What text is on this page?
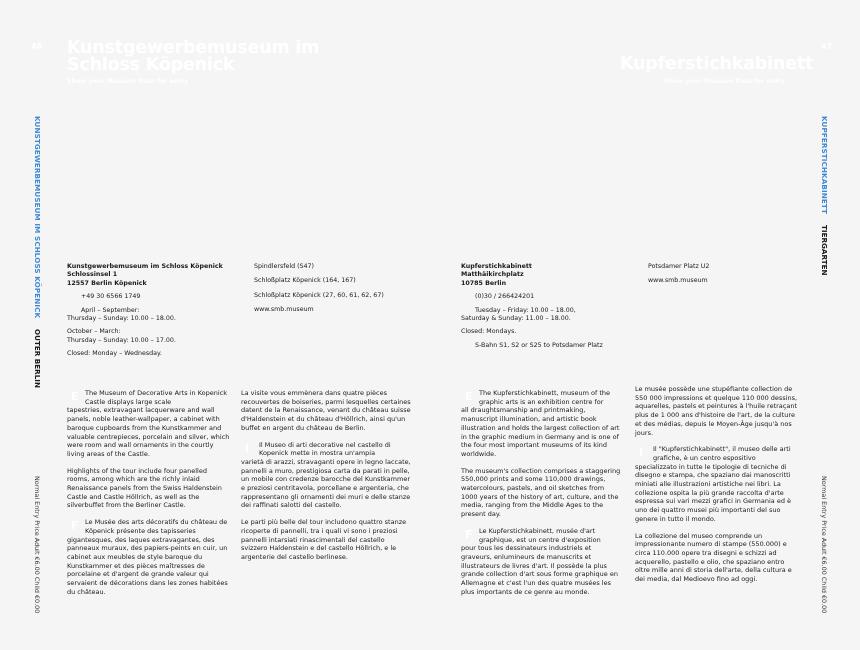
46 Kunstgewerbemuseum im
Schloss Köpenick
Show your Museum Pass for entry
KUNSTGEWERBEMUSEUM IM SCHLOSS KÖPENICK OUTER BERLIN
Normal Entry Price Adult €6.00 Child €0.00

Kunstgewerbemuseum im Schloss Köpenick
Schlossinsel 1
12557 Berlin Köpenick

+49 30 6566 1749

April – September:
Thursday – Sunday: 10.00 – 18.00.

October – March:
Thursday – Sunday: 10.00 – 17.00.

Closed: Monday – Wednesday.

Spindlersfeld (S47)

Schloßplatz Köpenick (164, 167)

Schloßplatz Köpenick (27, 60, 61, 62, 67)

www.smb.museum

E The Museum of Decorative Arts in Kopenick Castle displays large scale
tapestries, extravagant lacquerware and wall panels, noble leather-wallpaper, a cabinet with baroque cupboards from the Kunstkammer and valuable centrepieces, porcelain and silver, which were room and wall ornaments in the courtly living areas of the Castle.

Highlights of the tour include four panelled rooms, among which are the richly inlaid Renaissance panels from the Swiss Haldenstein Castle and Castle Höllrich, as well as the silverbuffet from the Berliner Castle.

F Le Musée des arts décoratifs du château de Köpenick présente des tapisseries
gigantesques, des laques extravagantes, des panneaux muraux, des papiers-peints en cuir, un cabinet aux meubles de style baroque du Kunstkammer et des pièces maîtresses de porcelaine et d'argent de grande valeur qui servaient de décorations dans les zones habitées du château.

La visite vous emmènera dans quatre pièces recouvertes de boiseries, parmi lesquelles certaines datent de la Renaissance, venant du château suisse d'Haldenstein et du château d'Höllrich, ainsi qu'un buffet en argent du château de Berlin.

I	Il Museo di arti decorative nel castello di Kopenick mette in mostra un'ampia
varietà di arazzi, stravaganti opere in legno laccate, pannelli a muro, prestigiosa carta da parati in pelle, un mobile con credenze barocche del Kunstkammer e preziosi centritavola, porcellane e argenteria, che rappresentano gli ornamenti dei muri e delle stanze dei raffinati salotti del castello.

Le parti più belle del tour includono quattro stanze ricoperte di pannelli, tra i quali vi sono i preziosi pannelli intarsiati rinascimentali del castello svizzero Haldenstein e del castello Höllrich, e le argenterie del castello berlinese.

47
Kupferstichkabinett
Show your Museum Pass for entry
KUPFERSTICHKABINETT TIERGARTEN
Normal Entry Price Adult €6.00 Child €0.00

Kupferstichkabinett
Matthäikirchplatz
10785 Berlin

(0)30 / 266424201

Tuesday – Friday: 10.00 – 18.00,
Saturday & Sunday: 11.00 – 18.00.

Closed: Mondays.

S-Bahn S1, S2 or S25 to Potsdamer Platz

Potsdamer Platz U2

www.smb.museum

E The Kupferstichkabinett, museum of the graphic arts is an exhibition centre for
all draughtsmanship and printmaking, manuscript illumination, and artistic book illustration and holds the largest collection of art in the graphic medium in Germany and is one of the four most important museums of its kind worldwide.

The museum's collection comprises a staggering 550,000 prints and some 110,000 drawings, watercolours, pastels, and oil sketches from 1000 years of the history of art, culture, and the media, ranging from the Middle Ages to the present day.

F Le Kupferstichkabinett, musée d'art graphique, est un centre d'exposition
pour tous les dessinateurs industriels et graveurs, enlumineurs de manuscrits et illustrateurs de livres d'art. Il possède la plus grande collection d'art sous forme graphique en Allemagne et c'est l'un des quatre musées les plus importants de ce genre au monde.

Le musée possède une stupéfiante collection de 550 000 impressions et quelque 110 000 dessins, aquarelles, pastels et peintures à l'huile retraçant plus de 1 000 ans d'histoire de l'art, de la culture et des médias, depuis le Moyen-Âge jusqu'à nos jours.

I	Il "Kupferstichkabinett", il museo delle arti grafiche, è un centro espositivo
specializzato in tutte le tipologie di tecniche di disegno e stampa, che spaziano dai manoscritti miniati alle illustrazioni artistiche nei libri. La collezione ospita la più grande raccolta d'arte espressa sui vari mezzi grafici in Germania ed è uno dei quattro musei più importanti del suo genere in tutto il mondo.

La collezione del museo comprende un impressionante numero di stampe (550.000) e circa 110.000 opere tra disegni e schizzi ad acquerello, pastello e olio, che spaziano entro oltre mille anni di storia dell'arte, della cultura e dei media, dal Medioevo fino ad oggi.
